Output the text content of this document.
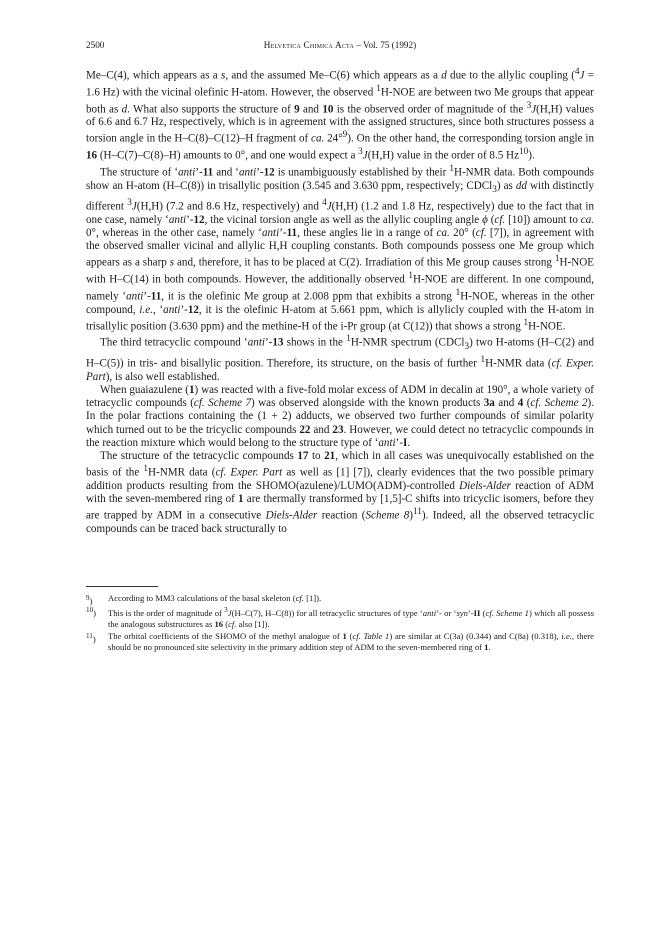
2500	Helvetica Chimica Acta – Vol. 75 (1992)

Me–C(4), which appears as a s, and the assumed Me–C(6) which appears as a d due to the allylic coupling ($^4$J = 1.6 Hz) with the vicinal olefinic H-atom. However, the observed $^1$H-NOE are between two Me groups that appear both as d. What also supports the structure of 9 and 10 is the observed order of magnitude of the $^3$J(H,H) values of 6.6 and 6.7 Hz, respectively, which is in agreement with the assigned structures, since both structures possess a torsion angle in the H–C(8)–C(12)–H fragment of ca. 24°$^9$). On the other hand, the corresponding torsion angle in 16 (H–C(7)–C(8)–H) amounts to 0°, and one would expect a $^3$J(H,H) value in the order of 8.5 Hz$^{10}$).

The structure of ‘anti’-11 and ‘anti’-12 is unambiguously established by their $^1$H-NMR data. Both compounds show an H-atom (H–C(8)) in trisallylic position (3.545 and 3.630 ppm, respectively; CDCl$_3$) as dd with distinctly different $^3$J(H,H) (7.2 and 8.6 Hz, respectively) and $^4$J(H,H) (1.2 and 1.8 Hz, respectively) due to the fact that in one case, namely ‘anti’-12, the vicinal torsion angle as well as the allylic coupling angle ϕ (cf. [10]) amount to ca. 0°, whereas in the other case, namely ‘anti’-11, these angles lie in a range of ca. 20° (cf. [7]), in agreement with the observed smaller vicinal and allylic H,H coupling constants. Both compounds possess one Me group which appears as a sharp s and, therefore, it has to be placed at C(2). Irradiation of this Me group causes strong $^1$H-NOE with H–C(14) in both compounds. However, the additionally observed $^1$H-NOE are different. In one compound, namely ‘anti’-11, it is the olefinic Me group at 2.008 ppm that exhibits a strong $^1$H-NOE, whereas in the other compound, i.e., ‘anti’-12, it is the olefinic H-atom at 5.661 ppm, which is allylicly coupled with the H-atom in trisallylic position (3.630 ppm) and the methine-H of the i-Pr group (at C(12)) that shows a strong $^1$H-NOE.

The third tetracyclic compound ‘anti’-13 shows in the $^1$H-NMR spectrum (CDCl$_3$) two H-atoms (H–C(2) and H–C(5)) in tris- and bisallylic position. Therefore, its structure, on the basis of further $^1$H-NMR data (cf. Exper. Part), is also well established.

When guaiazulene (1) was reacted with a five-fold molar excess of ADM in decalin at 190°, a whole variety of tetracyclic compounds (cf. Scheme 7) was observed alongside with the known products 3a and 4 (cf. Scheme 2). In the polar fractions containing the (1 + 2) adducts, we observed two further compounds of similar polarity which turned out to be the tricyclic compounds 22 and 23. However, we could detect no tetracyclic compounds in the reaction mixture which would belong to the structure type of ‘anti’-I.

The structure of the tetracyclic compounds 17 to 21, which in all cases was unequivocally established on the basis of the $^1$H-NMR data (cf. Exper. Part as well as [1] [7]), clearly evidences that the two possible primary addition products resulting from the SHOMO(azulene)/LUMO(ADM)-controlled Diels-Alder reaction of ADM with the seven-membered ring of 1 are thermally transformed by [1,5]-C shifts into tricyclic isomers, before they are trapped by ADM in a consecutive Diels-Alder reaction (Scheme 8)$^{11}$). Indeed, all the observed tetracyclic compounds can be traced back structurally to

$^9$) According to MM3 calculations of the basal skeleton (cf. [1]).
$^{10}$) This is the order of magnitude of $^3$J(H–C(7), H–C(8)) for all tetracyclic structures of type ‘anti’- or ‘syn’-II (cf. Scheme 1) which all possess the analogous substructures as 16 (cf. also [1]).
$^{11}$) The orbital coefficients of the SHOMO of the methyl analogue of 1 (cf. Table 1) are similar at C(3a) (0.344) and C(8a) (0.318), i.e., there should be no pronounced site selectivity in the primary addition step of ADM to the seven-membered ring of 1.
